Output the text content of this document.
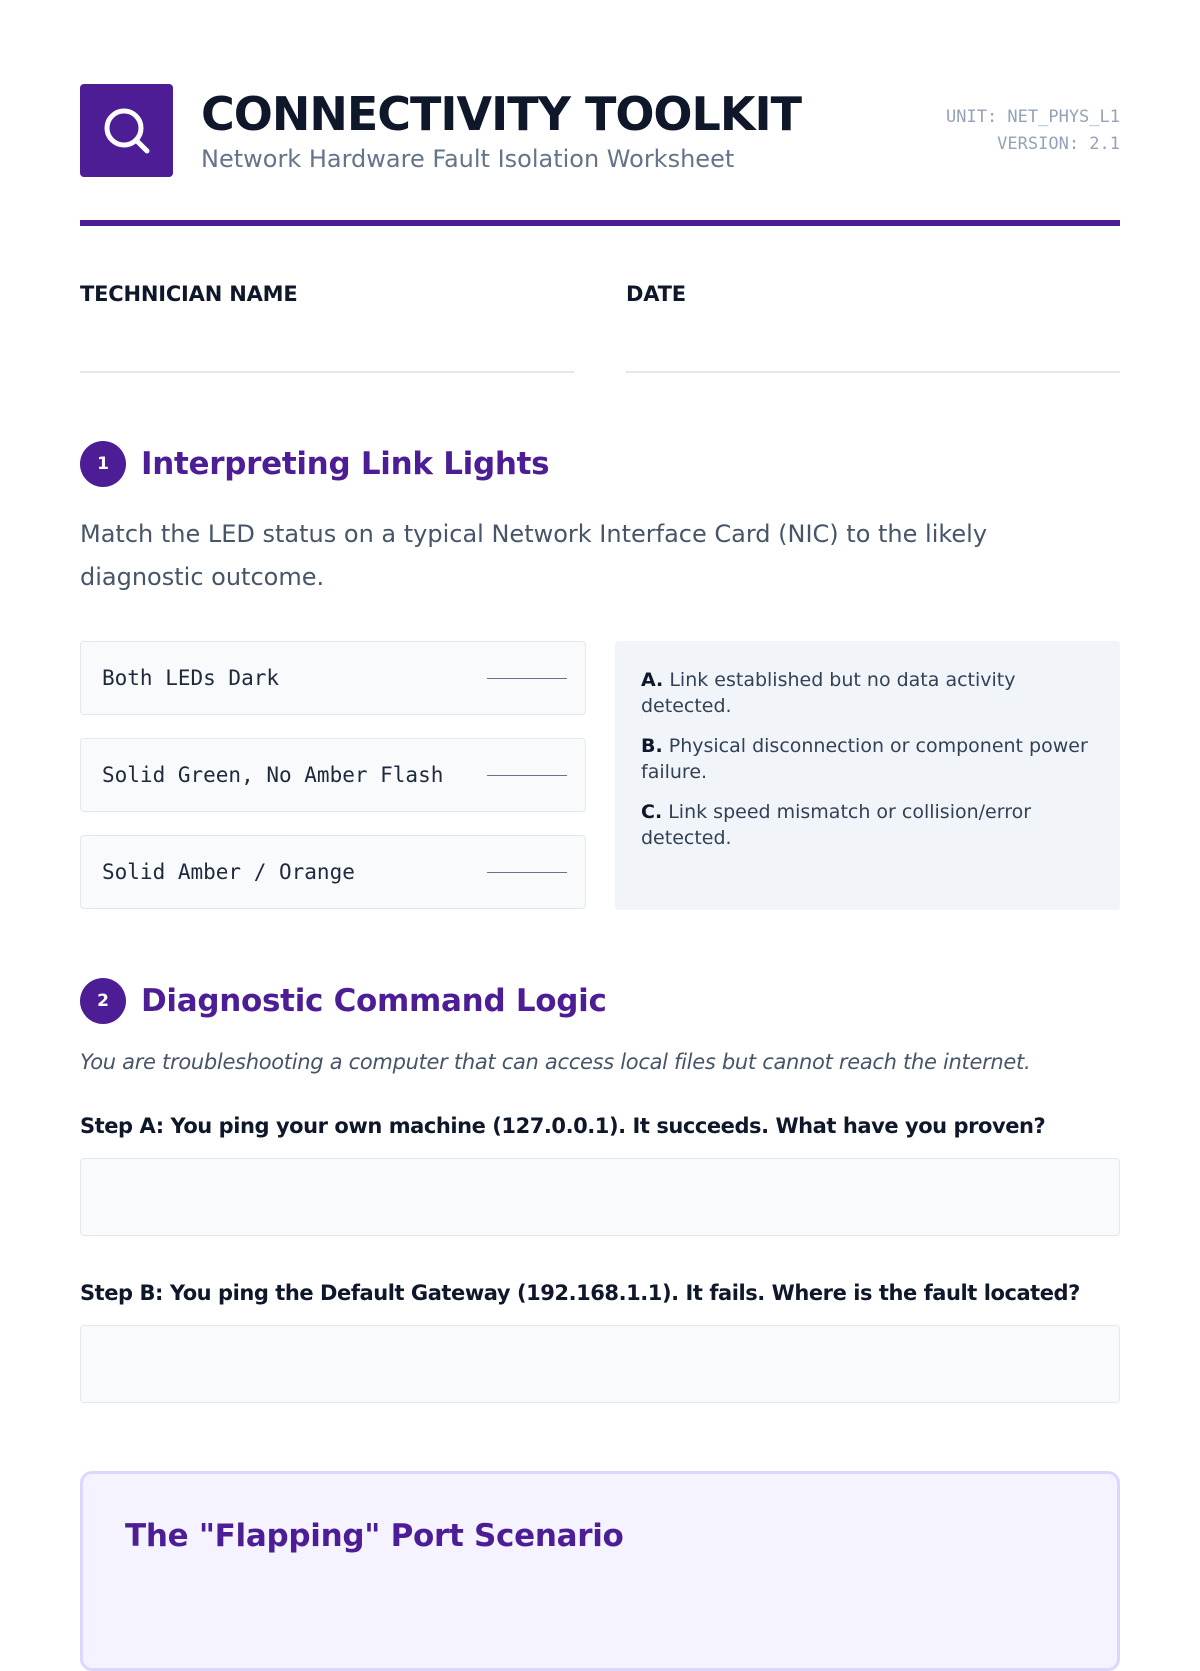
CONNECTIVITY TOOLKIT
Network Hardware Fault Isolation Worksheet
UNIT: NET_PHYS_L1
VERSION: 2.1
TECHNICIAN NAME	DATE
1	Interpreting Link Lights
Match the LED status on a typical Network Interface Card (NIC) to the likely diagnostic outcome.
Both LEDs Dark
Solid Green, No Amber Flash
Solid Amber / Orange
A. Link established but no data activity detected.
B. Physical disconnection or component power failure.
C. Link speed mismatch or collision/error detected.
2	Diagnostic Command Logic
You are troubleshooting a computer that can access local files but cannot reach the internet.
Step A: You ping your own machine (127.0.0.1). It succeeds. What have you proven?
Step B: You ping the Default Gateway (192.168.1.1). It fails. Where is the fault located?
The "Flapping" Port Scenario
